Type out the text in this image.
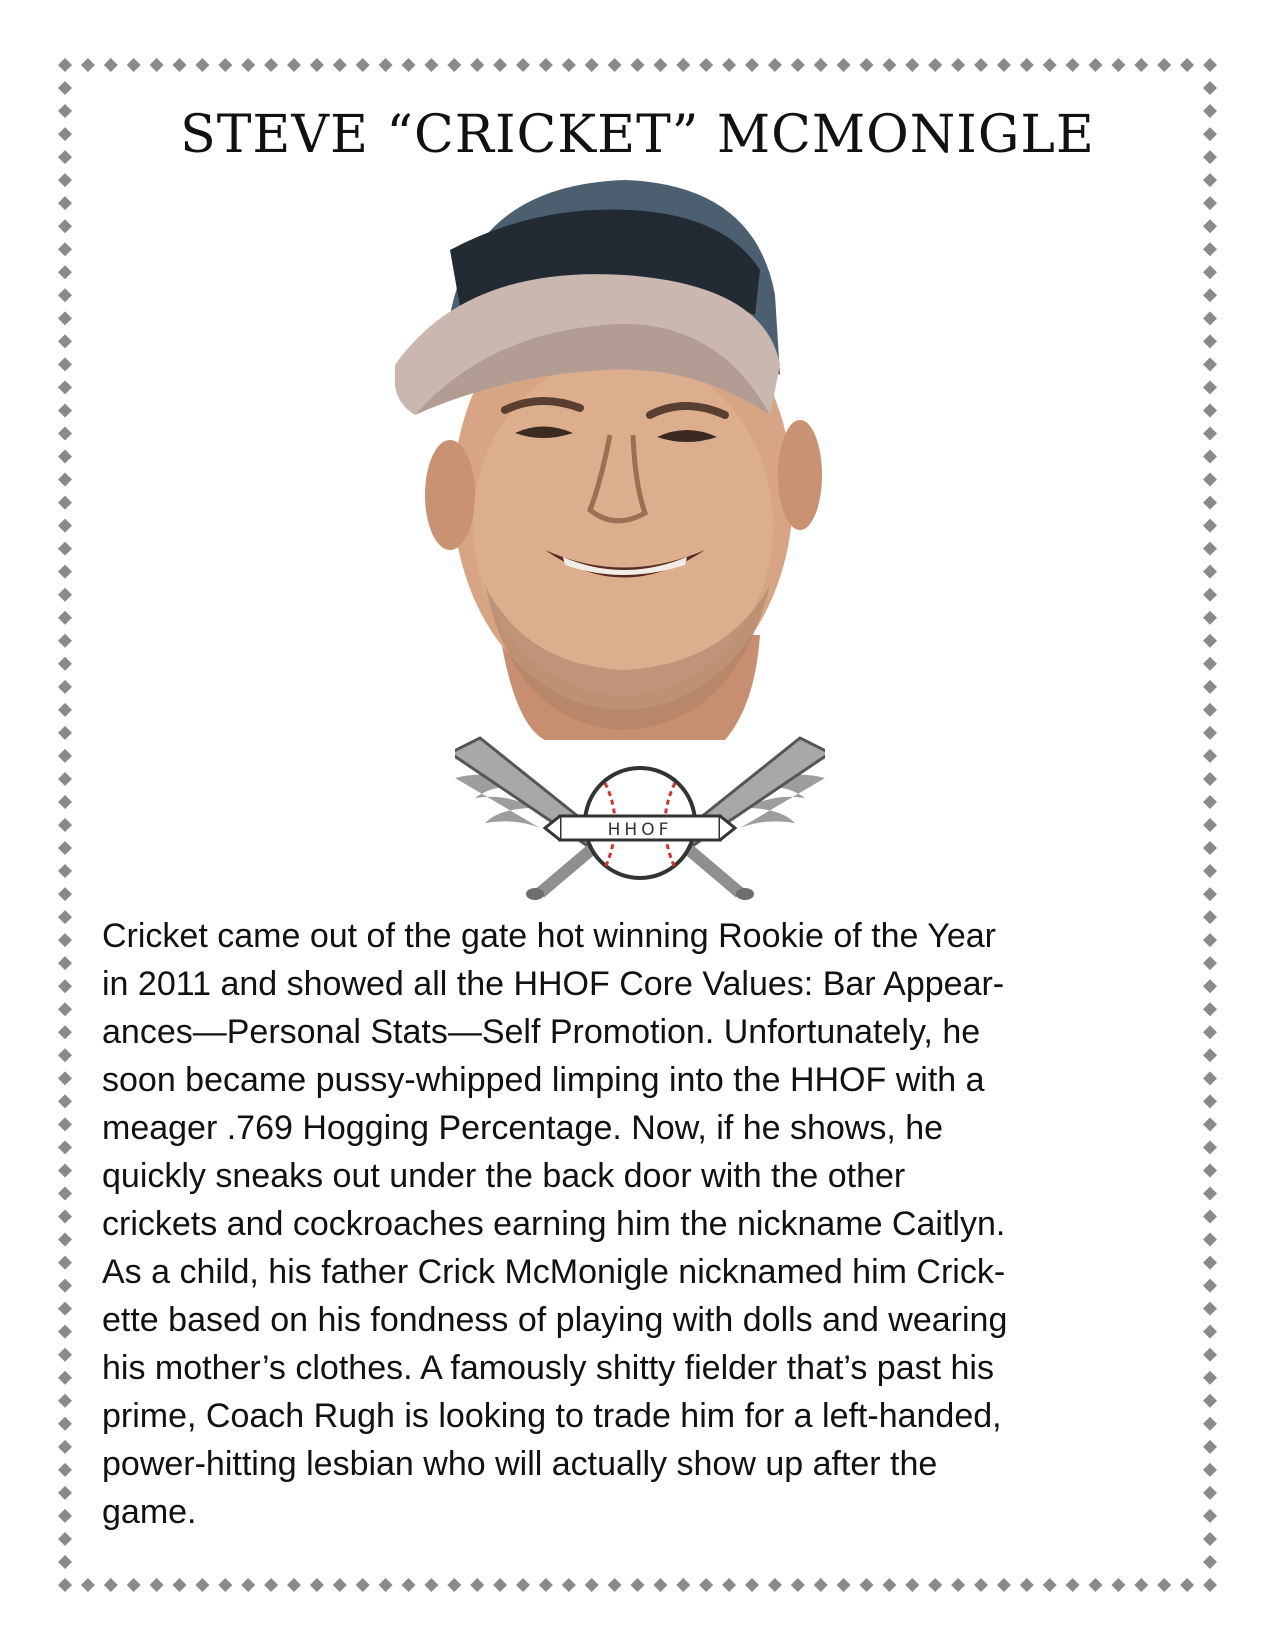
STEVE “CRICKET” MCMONIGLE
HHOF
Cricket came out of the gate hot winning Rookie of the Year
in 2011 and showed all the HHOF Core Values: Bar Appear-
ances—Personal Stats—Self Promotion. Unfortunately, he
soon became pussy-whipped limping into the HHOF with a
meager .769 Hogging Percentage. Now, if he shows, he
quickly sneaks out under the back door with the other
crickets and cockroaches earning him the nickname Caitlyn.
As a child, his father Crick McMonigle nicknamed him Crick-
ette based on his fondness of playing with dolls and wearing
his mother’s clothes. A famously shitty fielder that’s past his
prime, Coach Rugh is looking to trade him for a left-handed,
power-hitting lesbian who will actually show up after the
game.
